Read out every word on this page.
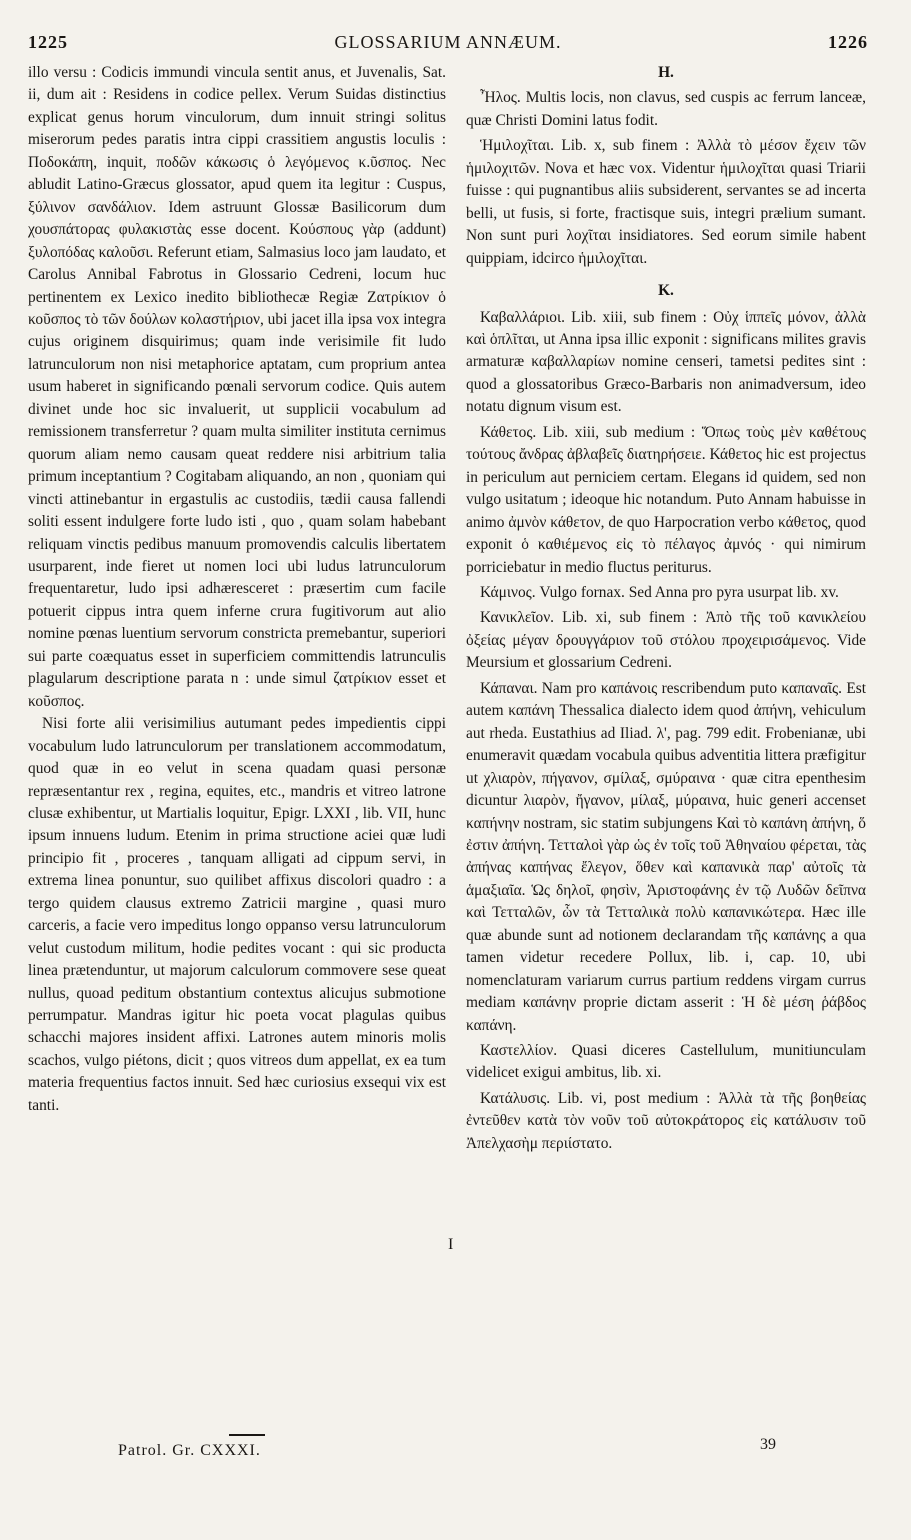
1225	GLOSSARIUM ANNÆUM.	1226

illo versu : Codicis immundi vincula sentit anus, et Juvenalis, Sat. ii, dum ait : Residens in codice pellex. Verum Suidas distinctius explicat genus horum vinculorum, dum innuit stringi solitus miserorum pedes paratis intra cippi crassitiem angustis loculis : Ποδοκάπη, inquit, ποδῶν κάκωσις ὁ λεγόμενος κ.ῦσπος. Nec abludit Latino-Græcus glossator, apud quem ita legitur : Cuspus, ξύλινον σανδάλιον. Idem astruunt Glossæ Basilicorum dum χουσπάτορας φυλακιστὰς esse docent. Κούσπους γὰρ (addunt) ξυλοπόδας καλοῦσι. Referunt etiam, Salmasius loco jam laudato, et Carolus Annibal Fabrotus in Glossario Cedreni, locum huc pertinentem ex Lexico inedito bibliothecæ Regiæ Ζατρίκιον ὁ κοῦσπος τὸ τῶν δούλων κολαστήριον, ubi jacet illa ipsa vox integra cujus originem disquirimus; quam inde verisimile fit ludo latrunculorum non nisi metaphorice aptatam, cum proprium antea usum haberet in significando pœnali servorum codice. Quis autem divinet unde hoc sic invaluerit, ut supplicii vocabulum ad remissionem transferretur ? quam multa similiter instituta cernimus quorum aliam nemo causam queat reddere nisi arbitrium talia primum inceptantium ? Cogitabam aliquando, an non , quoniam qui vincti attinebantur in ergastulis ac custodiis, tædii causa fallendi soliti essent indulgere forte ludo isti , quo , quam solam habebant reliquam vinctis pedibus manuum promovendis calculis libertatem usurparent, inde fieret ut nomen loci ubi ludus latrunculorum frequentaretur, ludo ipsi adhæresceret : præsertim cum facile potuerit cippus intra quem inferne crura fugitivorum aut alio nomine pœnas luentium servorum constricta premebantur, superiori sui parte coæquatus esset in superficiem committendis latrunculis plagularum descriptione parata n : unde simul ζατρίκιον esset et κοῦσπος.

Nisi forte alii verisimilius autumant pedes impedientis cippi vocabulum ludo latrunculorum per translationem accommodatum, quod quæ in eo velut in scena quadam quasi personæ repræsentantur rex , regina, equites, etc., mandris et vitreo latrone clusæ exhibentur, ut Martialis loquitur, Epigr. LXXI , lib. VII, hunc ipsum innuens ludum. Etenim in prima structione aciei quæ ludi principio fit , proceres , tanquam alligati ad cippum servi, in extrema linea ponuntur, suo quilibet affixus discolori quadro : a tergo quidem clausus extremo Zatricii margine , quasi muro carceris, a facie vero impeditus longo oppanso versu latrunculorum velut custodum militum, hodie pedites vocant : qui sic producta linea prætenduntur, ut majorum calculorum commovere sese queat nullus, quoad peditum obstantium contextus alicujus submotione perrumpatur. Mandras igitur hic poeta vocat plagulas quibus schacchi majores insident affixi. Latrones autem minoris molis scachos, vulgo piétons, dicit ; quos vitreos dum appellat, ex ea tum materia frequentius factos innuit. Sed hæc curiosius exsequi vix est tanti.

H.

Ἦλος. Multis locis, non clavus, sed cuspis ac ferrum lanceæ, quæ Christi Domini latus fodit.

Ἡμιλοχῖται. Lib. x, sub finem : Ἀλλὰ τὸ μέσον ἔχειν τῶν ἡμιλοχιτῶν. Nova et hæc vox. Videntur ἡμιλοχῖται quasi Triarii fuisse : qui pugnantibus aliis subsiderent, servantes se ad incerta belli, ut fusis, si forte, fractisque suis, integri prælium sumant. Non sunt puri λοχῖται insidiatores. Sed eorum simile habent quippiam, idcirco ἡμιλοχῖται.

K.

Καβαλλάριοι. Lib. xiii, sub finem : Οὐχ ἱππεῖς μόνον, ἀλλὰ καὶ ὁπλῖται, ut Anna ipsa illic exponit : significans milites gravis armaturæ καβαλλαρίων nomine censeri, tametsi pedites sint : quod a glossatoribus Græco-Barbaris non animadversum, ideo notatu dignum visum est.

Κάθετος. Lib. xiii, sub medium : Ὅπως τοὺς μὲν καθέτους τούτους ἄνδρας ἀβλαβεῖς διατηρήσειε. Κάθετος hic est projectus in periculum aut perniciem certam. Elegans id quidem, sed non vulgo usitatum ; ideoque hic notandum. Puto Annam habuisse in animo ἀμνὸν κάθετον, de quo Harpocration verbo κάθετος, quod exponit ὁ καθιέμενος εἰς τὸ πέλαγος ἀμνός · qui nimirum porriciebatur in medio fluctus periturus.

Κάμινος. Vulgo fornax. Sed Anna pro pyra usurpat lib. xv.

Κανικλεῖον. Lib. xi, sub finem : Ἀπὸ τῆς τοῦ κανικλείου ὀξείας μέγαν δρουγγάριον τοῦ στόλου προχειρισάμενος. Vide Meursium et glossarium Cedreni.

Κάπαναι. Nam pro καπάνοις rescribendum puto καπαναῖς. Est autem καπάνη Thessalica dialecto idem quod ἀπήνη, vehiculum aut rheda. Eustathius ad Iliad. λ', pag. 799 edit. Frobenianæ, ubi enumeravit quædam vocabula quibus adventitia littera præfigitur ut χλιαρὸν, πήγανον, σμίλαξ, σμύραινα · quæ citra epenthesim dicuntur λιαρὸν, ἤγανον, μίλαξ, μύραινα, huic generi accenset καπήνην nostram, sic statim subjungens Καὶ τὸ καπάνη ἀπήνη, ὅ ἐστιν ἀπήνη. Τετταλοὶ γὰρ ὡς ἐν τοῖς τοῦ Ἀθηναίου φέρεται, τὰς ἀπήνας καπήνας ἔλεγον, ὅθεν καὶ καπανικὰ παρ' αὐτοῖς τὰ ἁμαξιαῖα. Ὡς δηλοῖ, φησὶν, Ἀριστοφάνης ἐν τῷ Λυδῶν δεῖπνα καὶ Τετταλῶν, ὧν τὰ Τετταλικὰ πολὺ καπανικώτερα. Hæc ille quæ abunde sunt ad notionem declarandam τῆς καπάνης a qua tamen videtur recedere Pollux, lib. i, cap. 10, ubi nomenclaturam variarum currus partium reddens virgam currus mediam καπάνην proprie dictam asserit : Ἡ δὲ μέση ῥάβδος καπάνη.

Καστελλίον. Quasi diceres Castellulum, munitiunculam videlicet exigui ambitus, lib. xi.

Κατάλυσις. Lib. vi, post medium : Ἀλλὰ τὰ τῆς βοηθείας ἐντεῦθεν κατὰ τὸν νοῦν τοῦ αὐτοκράτορος εἰς κατάλυσιν τοῦ Ἀπελχασὴμ περιίστατο.

I
Patrol. Gr. CXXXI.	39
